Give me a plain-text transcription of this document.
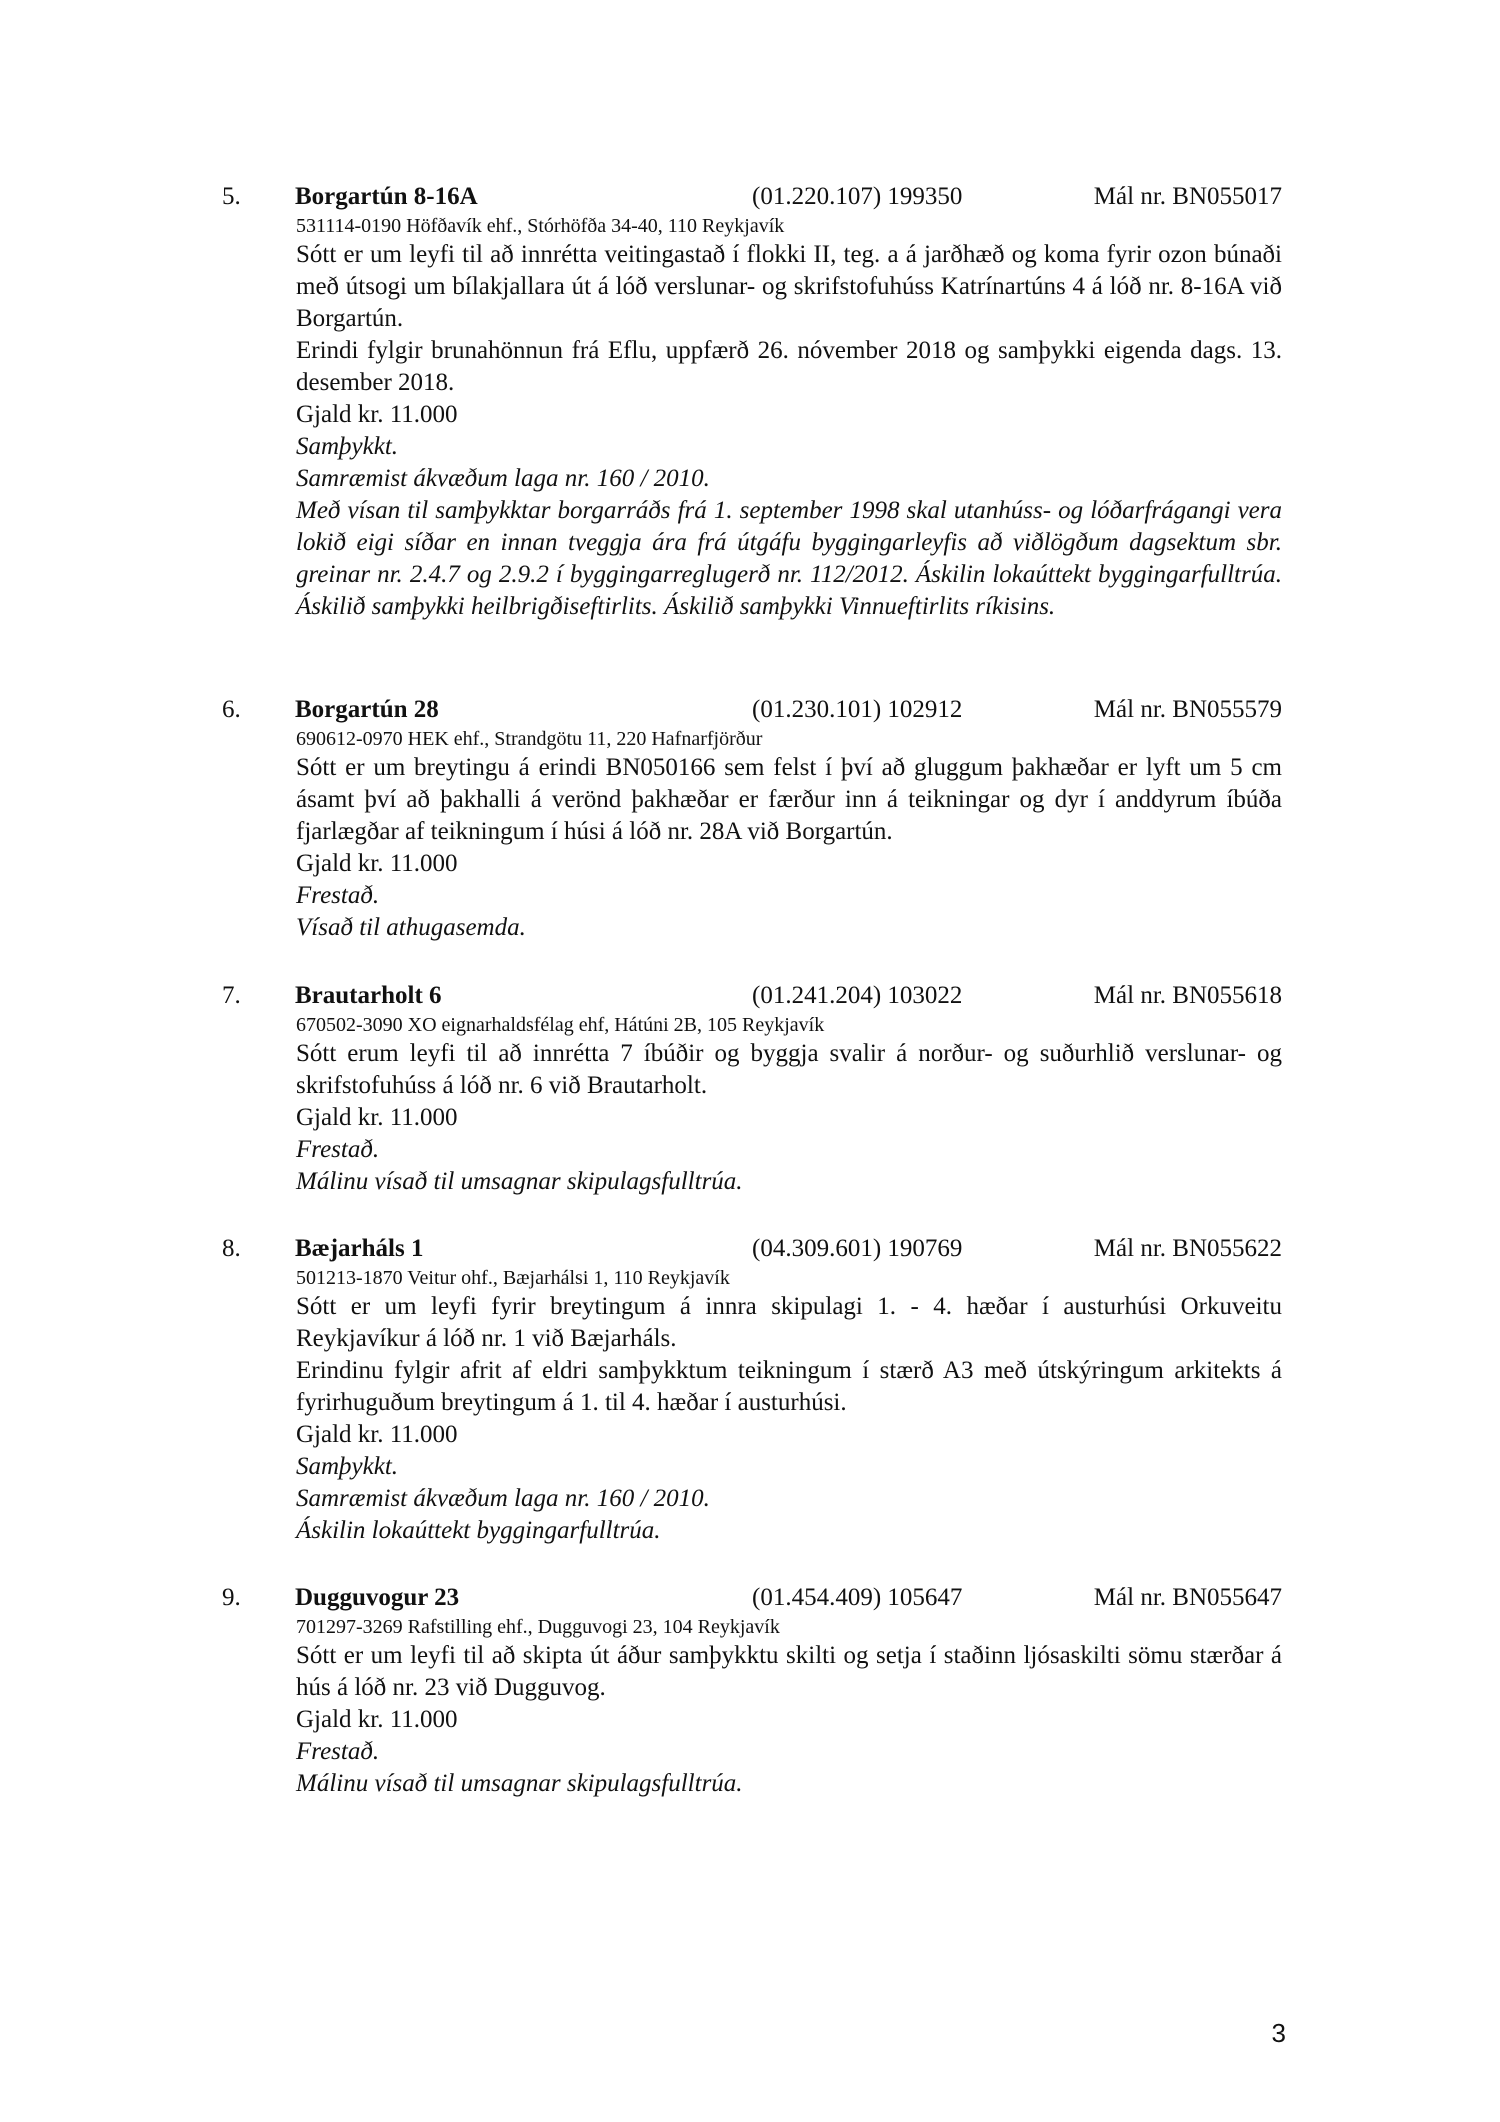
5. Borgartún 8-16A	(01.220.107) 199350	Mál nr. BN055017

531114-0190 Höfðavík ehf., Stórhöfða 34-40, 110 Reykjavík

Sótt er um leyfi til að innrétta veitingastað í flokki II, teg. a á jarðhæð og koma fyrir ozon búnaði með útsogi um bílakjallara út á lóð verslunar- og skrifstofuhúss Katrínartúns 4 á lóð nr. 8-16A við Borgartún.

Erindi fylgir brunahönnun frá Eflu, uppfærð 26. nóvember 2018 og samþykki eigenda dags. 13. desember 2018.

Gjald kr. 11.000

Samþykkt.

Samræmist ákvæðum laga nr. 160 / 2010.

Með vísan til samþykktar borgarráðs frá 1. september 1998 skal utanhúss- og lóðarfrágangi vera lokið eigi síðar en innan tveggja ára frá útgáfu byggingarleyfis að viðlögðum dagsektum sbr. greinar nr. 2.4.7 og 2.9.2 í byggingarreglugerð nr. 112/2012. Áskilin lokaúttekt byggingarfulltrúa. Áskilið samþykki heilbrigðiseftirlits. Áskilið samþykki Vinnueftirlits ríkisins.

6. Borgartún 28	(01.230.101) 102912	Mál nr. BN055579

690612-0970 HEK ehf., Strandgötu 11, 220 Hafnarfjörður

Sótt er um breytingu á erindi BN050166 sem felst í því að gluggum þakhæðar er lyft um 5 cm ásamt því að þakhalli á verönd þakhæðar er færður inn á teikningar og dyr í anddyrum íbúða fjarlægðar af teikningum í húsi á lóð nr. 28A við Borgartún.

Gjald kr. 11.000

Frestað.

Vísað til athugasemda.

7. Brautarholt 6	(01.241.204) 103022	Mál nr. BN055618

670502-3090 XO eignarhaldsfélag ehf, Hátúni 2B, 105 Reykjavík

Sótt erum leyfi til að innrétta 7 íbúðir og byggja svalir á norður- og suðurhlið verslunar- og skrifstofuhúss á lóð nr. 6 við Brautarholt.

Gjald kr. 11.000

Frestað.

Málinu vísað til umsagnar skipulagsfulltrúa.

8. Bæjarháls 1	(04.309.601) 190769	Mál nr. BN055622

501213-1870 Veitur ohf., Bæjarhálsi 1, 110 Reykjavík

Sótt er um leyfi fyrir breytingum á innra skipulagi 1. - 4. hæðar í austurhúsi Orkuveitu Reykjavíkur á lóð nr. 1 við Bæjarháls.

Erindinu fylgir afrit af eldri samþykktum teikningum í stærð A3 með útskýringum arkitekts á fyrirhuguðum breytingum á 1. til 4. hæðar í austurhúsi.

Gjald kr. 11.000

Samþykkt.

Samræmist ákvæðum laga nr. 160 / 2010.

Áskilin lokaúttekt byggingarfulltrúa.

9. Dugguvogur 23	(01.454.409) 105647	Mál nr. BN055647

701297-3269 Rafstilling ehf., Dugguvogi 23, 104 Reykjavík

Sótt er um leyfi til að skipta út áður samþykktu skilti og setja í staðinn ljósaskilti sömu stærðar á hús á lóð nr. 23 við Dugguvog.

Gjald kr. 11.000

Frestað.

Málinu vísað til umsagnar skipulagsfulltrúa.

3
